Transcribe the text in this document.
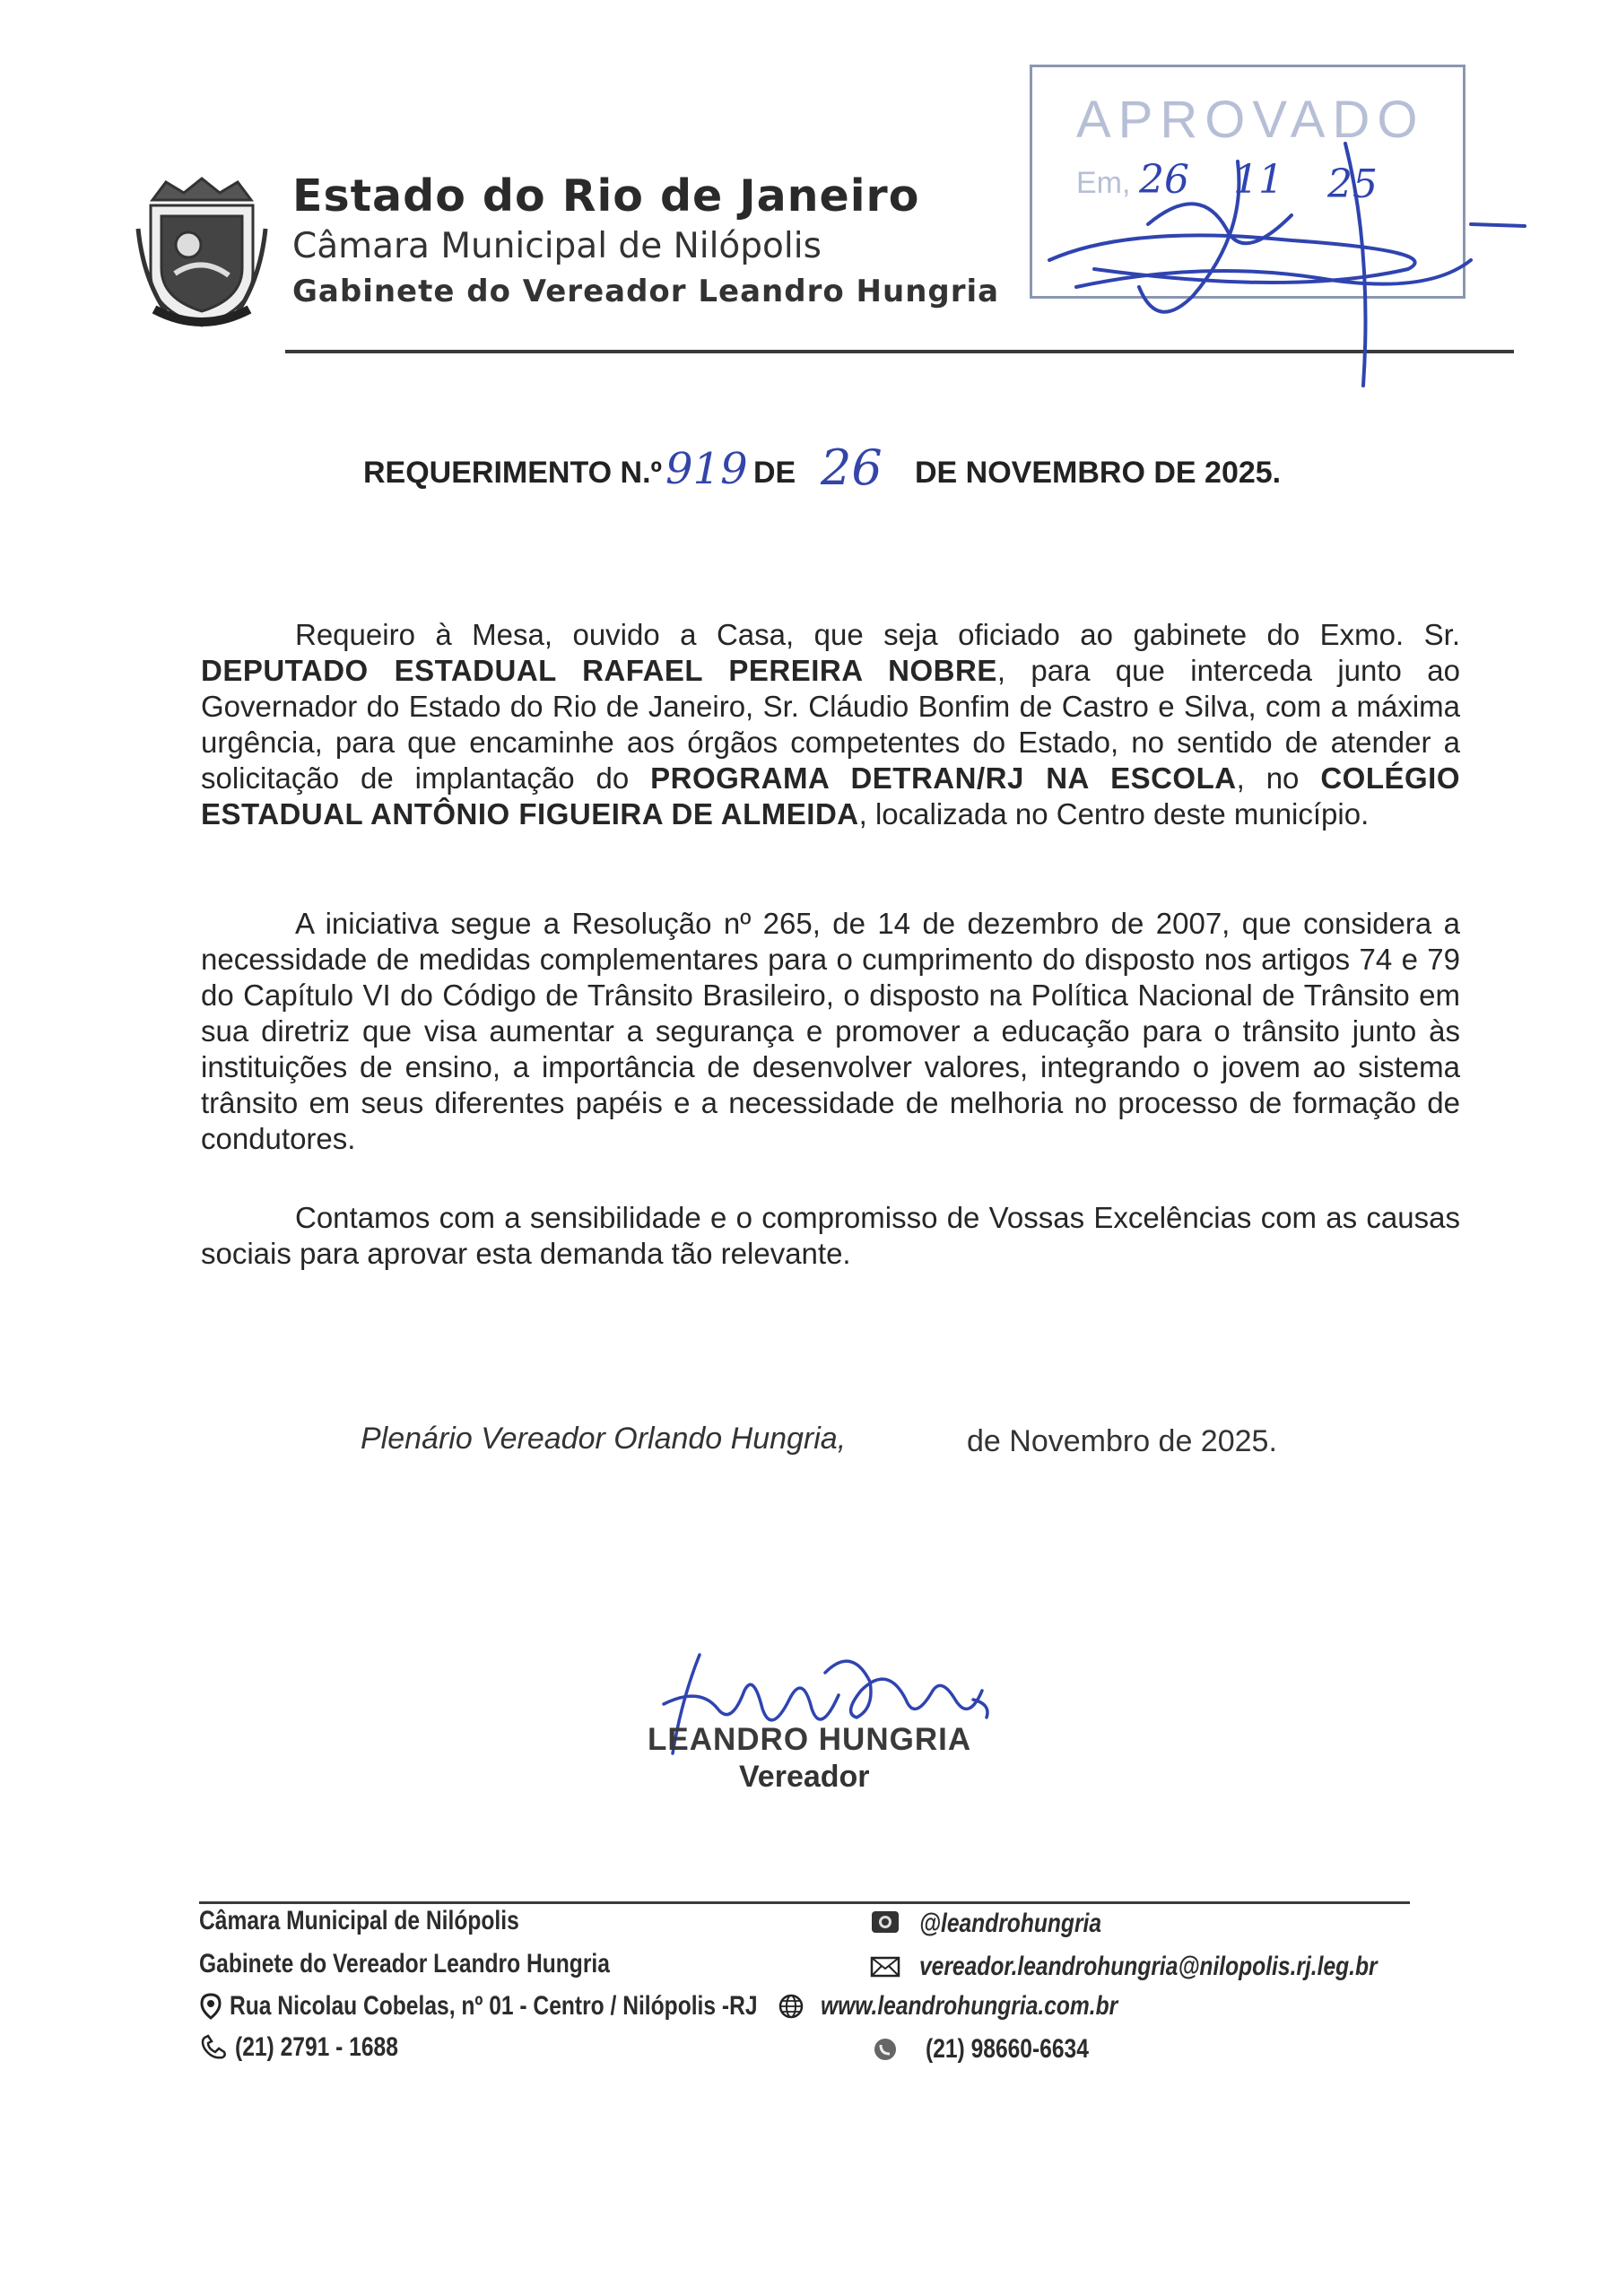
Estado do Rio de Janeiro
Câmara Municipal de Nilópolis
Gabinete do Vereador Leandro Hungria
APROVADO
Em, 26 11 25
REQUERIMENTO N.º 919 DE 26 DE NOVEMBRO DE 2025.
Requeiro à Mesa, ouvido a Casa, que seja oficiado ao gabinete do Exmo. Sr. DEPUTADO ESTADUAL RAFAEL PEREIRA NOBRE, para que interceda junto ao Governador do Estado do Rio de Janeiro, Sr. Cláudio Bonfim de Castro e Silva, com a máxima urgência, para que encaminhe aos órgãos competentes do Estado, no sentido de atender a solicitação de implantação do PROGRAMA DETRAN/RJ NA ESCOLA, no COLÉGIO ESTADUAL ANTÔNIO FIGUEIRA DE ALMEIDA, localizada no Centro deste município.
A iniciativa segue a Resolução nº 265, de 14 de dezembro de 2007, que considera a necessidade de medidas complementares para o cumprimento do disposto nos artigos 74 e 79 do Capítulo VI do Código de Trânsito Brasileiro, o disposto na Política Nacional de Trânsito em sua diretriz que visa aumentar a segurança e promover a educação para o trânsito junto às instituições de ensino, a importância de desenvolver valores, integrando o jovem ao sistema trânsito em seus diferentes papéis e a necessidade de melhoria no processo de formação de condutores.
Contamos com a sensibilidade e o compromisso de Vossas Excelências com as causas sociais para aprovar esta demanda tão relevante.
Plenário Vereador Orlando Hungria,	de Novembro de 2025.
LEANDRO HUNGRIA
Vereador
Câmara Municipal de Nilópolis
Gabinete do Vereador Leandro Hungria
Rua Nicolau Cobelas, nº 01 - Centro / Nilópolis -RJ
(21) 2791 - 1688
@leandrohungria
vereador.leandrohungria@nilopolis.rj.leg.br
www.leandrohungria.com.br
(21) 98660-6634
